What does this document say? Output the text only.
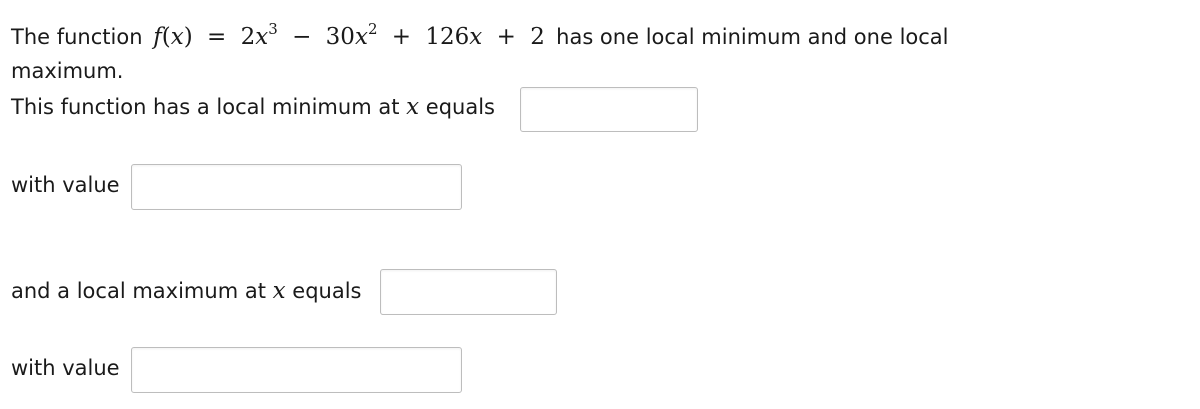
The function $f(x) = 2x^3 - 30x^2 + 126x + 2$ has one local minimum and one local
maximum.
This function has a local minimum at x equals
with value
and a local maximum at x equals
with value
